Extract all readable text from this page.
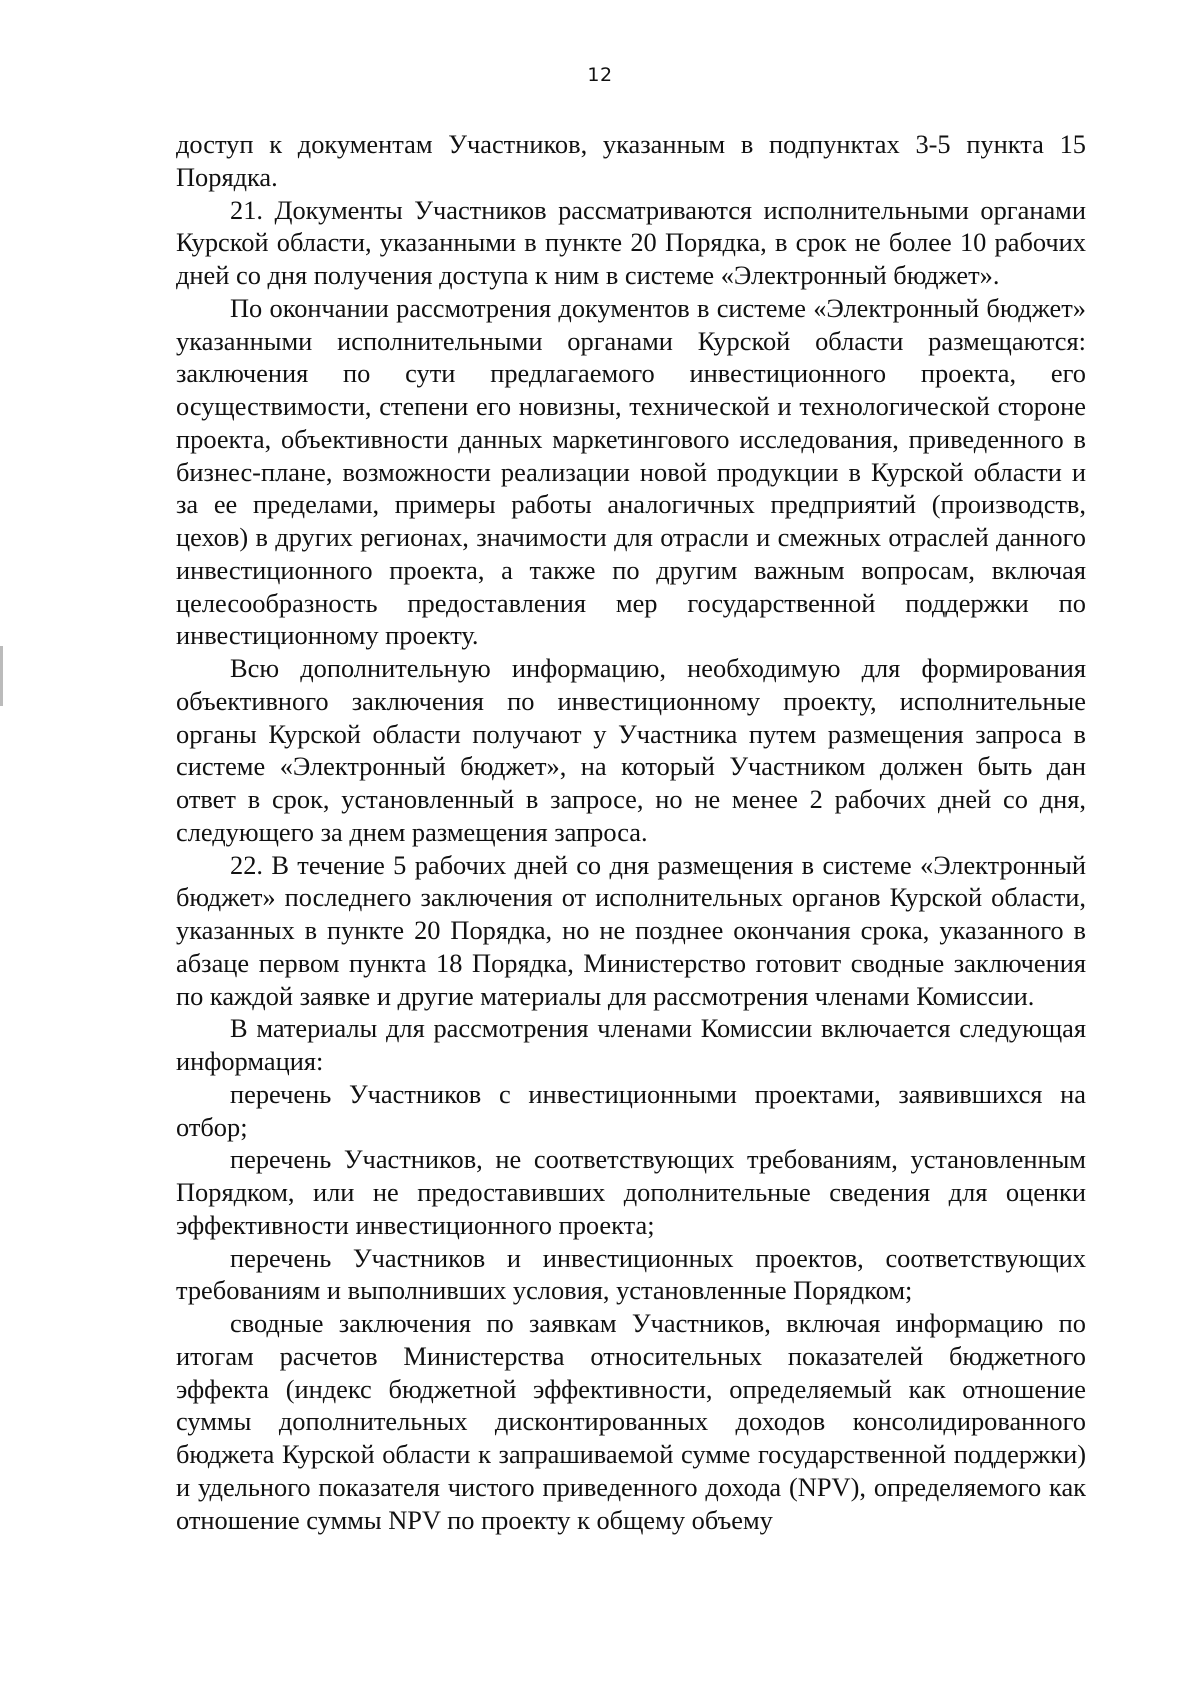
12

доступ к документам Участников, указанным в подпунктах 3-5 пункта 15 Порядка.

21. Документы Участников рассматриваются исполнительными органами Курской области, указанными в пункте 20 Порядка, в срок не более 10 рабочих дней со дня получения доступа к ним в системе «Электронный бюджет».

По окончании рассмотрения документов в системе «Электронный бюджет» указанными исполнительными органами Курской области размещаются: заключения по сути предлагаемого инвестиционного проекта, его осуществимости, степени его новизны, технической и технологической стороне проекта, объективности данных маркетингового исследования, приведенного в бизнес-плане, возможности реализации новой продукции в Курской области и за ее пределами, примеры работы аналогичных предприятий (производств, цехов) в других регионах, значимости для отрасли и смежных отраслей данного инвестиционного проекта, а также по другим важным вопросам, включая целесообразность предоставления мер государственной поддержки по инвестиционному проекту.

Всю дополнительную информацию, необходимую для формирования объективного заключения по инвестиционному проекту, исполнительные органы Курской области получают у Участника путем размещения запроса в системе «Электронный бюджет», на который Участником должен быть дан ответ в срок, установленный в запросе, но не менее 2 рабочих дней со дня, следующего за днем размещения запроса.

22. В течение 5 рабочих дней со дня размещения в системе «Электронный бюджет» последнего заключения от исполнительных органов Курской области, указанных в пункте 20 Порядка, но не позднее окончания срока, указанного в абзаце первом пункта 18 Порядка, Министерство готовит сводные заключения по каждой заявке и другие материалы для рассмотрения членами Комиссии.

В материалы для рассмотрения членами Комиссии включается следующая информация:

перечень Участников с инвестиционными проектами, заявившихся на отбор;

перечень Участников, не соответствующих требованиям, установленным Порядком, или не предоставивших дополнительные сведения для оценки эффективности инвестиционного проекта;

перечень Участников и инвестиционных проектов, соответствующих требованиям и выполнивших условия, установленные Порядком;

сводные заключения по заявкам Участников, включая информацию по итогам расчетов Министерства относительных показателей бюджетного эффекта (индекс бюджетной эффективности, определяемый как отношение суммы дополнительных дисконтированных доходов консолидированного бюджета Курской области к запрашиваемой сумме государственной поддержки) и удельного показателя чистого приведенного дохода (NPV), определяемого как отношение суммы NPV по проекту к общему объему
